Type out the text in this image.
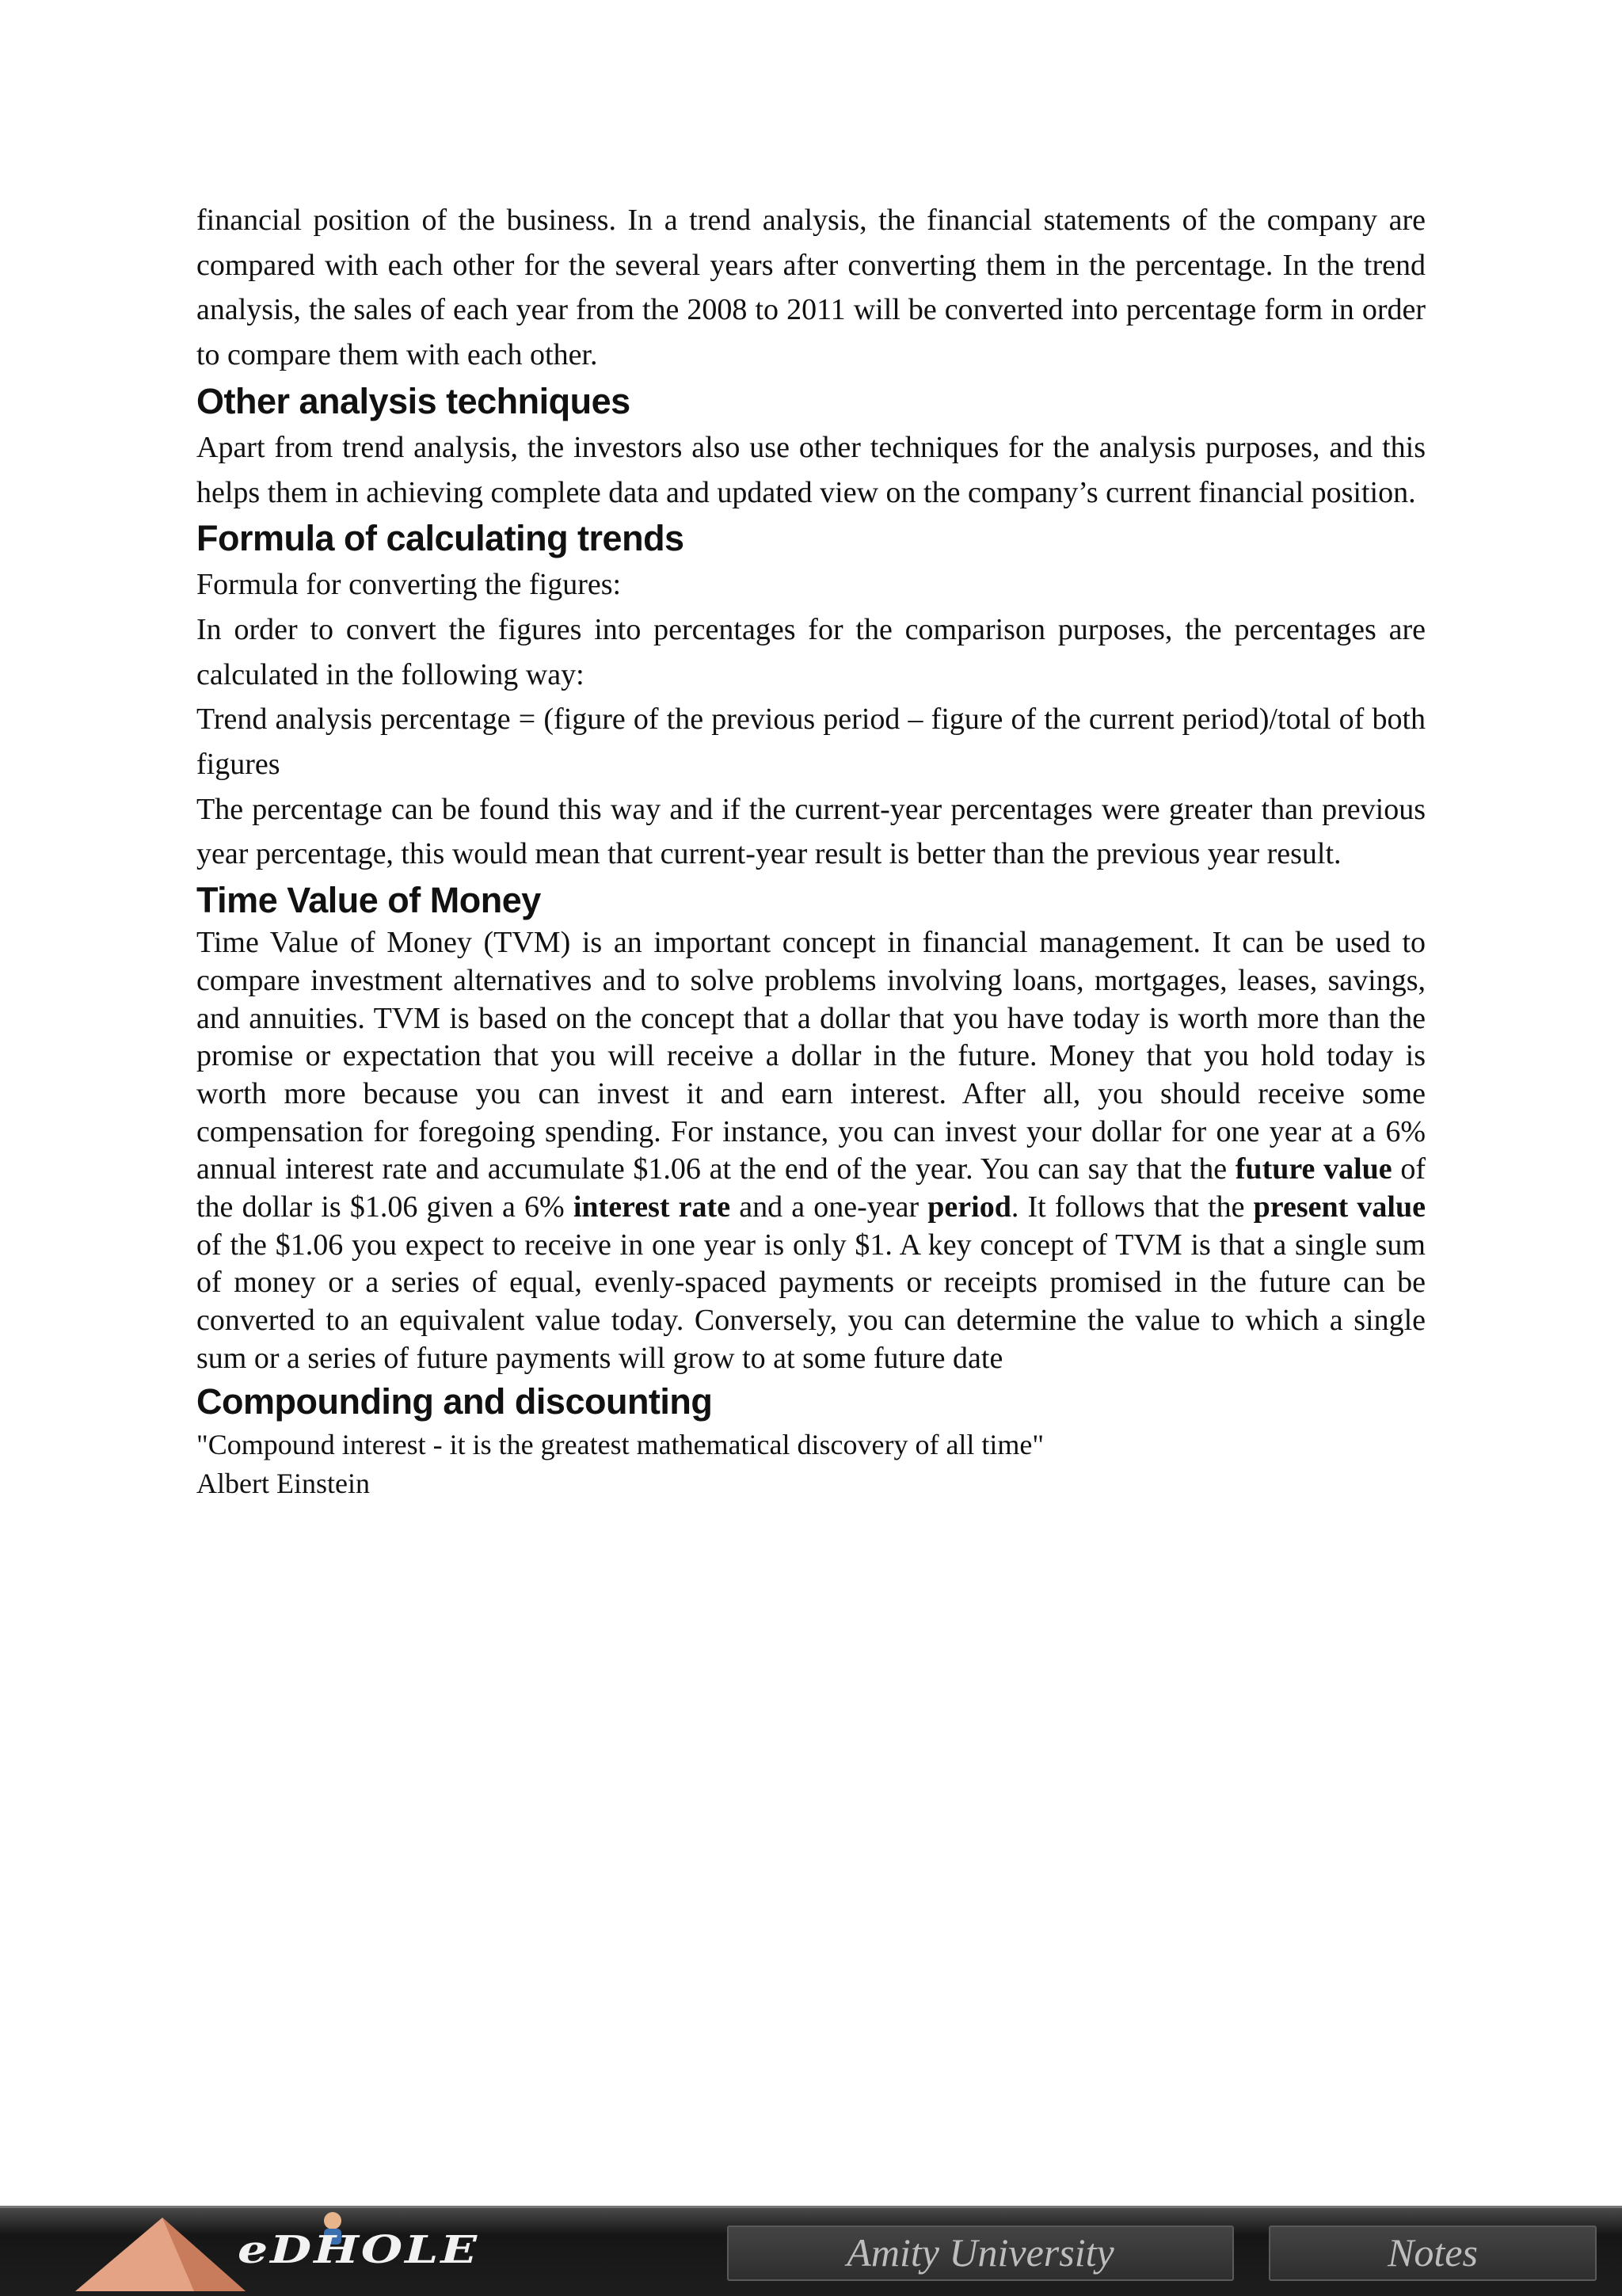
financial position of the business. In a trend analysis, the financial statements of the company are compared with each other for the several years after converting them in the percentage. In the trend analysis, the sales of each year from the 2008 to 2011 will be converted into percentage form in order to compare them with each other.

Other analysis techniques

Apart from trend analysis, the investors also use other techniques for the analysis purposes, and this helps them in achieving complete data and updated view on the company’s current financial position.

Formula of calculating trends

Formula for converting the figures:

In order to convert the figures into percentages for the comparison purposes, the percentages are calculated in the following way:

Trend analysis percentage = (figure of the previous period – figure of the current period)/total of both figures

The percentage can be found this way and if the current-year percentages were greater than previous year percentage, this would mean that current-year result is better than the previous year result.

Time Value of Money

Time Value of Money (TVM) is an important concept in financial management. It can be used to compare investment alternatives and to solve problems involving loans, mortgages, leases, savings, and annuities. TVM is based on the concept that a dollar that you have today is worth more than the promise or expectation that you will receive a dollar in the future. Money that you hold today is worth more because you can invest it and earn interest. After all, you should receive some compensation for foregoing spending. For instance, you can invest your dollar for one year at a 6% annual interest rate and accumulate $1.06 at the end of the year. You can say that the future value of the dollar is $1.06 given a 6% interest rate and a one-year period. It follows that the present value of the $1.06 you expect to receive in one year is only $1. A key concept of TVM is that a single sum of money or a series of equal, evenly-spaced payments or receipts promised in the future can be converted to an equivalent value today. Conversely, you can determine the value to which a single sum or a series of future payments will grow to at some future date

Compounding and discounting

"Compound interest - it is the greatest mathematical discovery of all time"

Albert Einstein

eDHOLE	Amity University	Notes
